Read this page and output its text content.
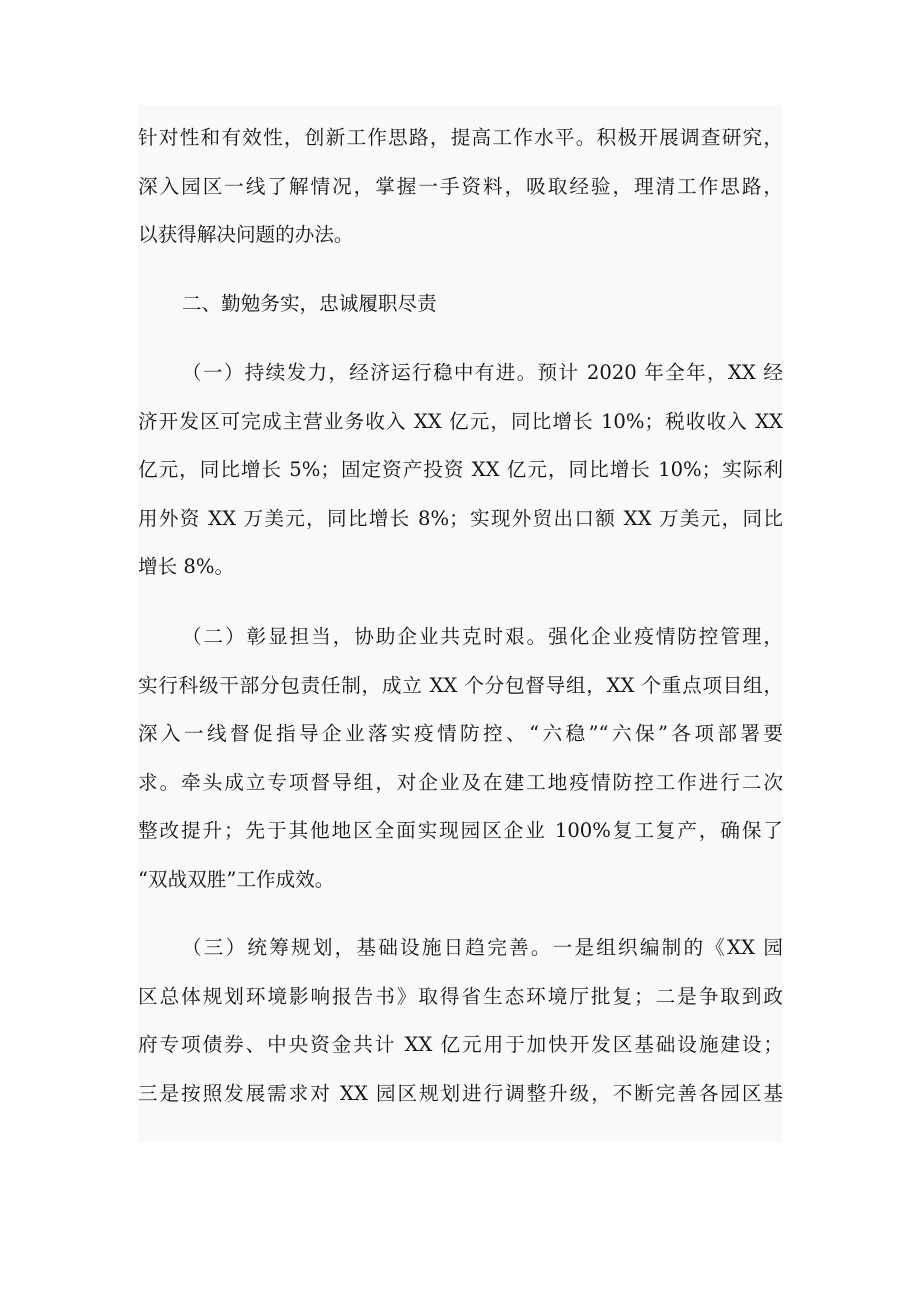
针对性和有效性，创新工作思路，提高工作水平。积极开展调查研究，
深入园区一线了解情况，掌握一手资料，吸取经验，理清工作思路，
以获得解决问题的办法。
二、勤勉务实，忠诚履职尽责
（一）持续发力，经济运行稳中有进。预计 2020 年全年，XX 经
济开发区可完成主营业务收入 XX 亿元，同比增长 10%；税收收入 XX
亿元，同比增长 5%；固定资产投资 XX 亿元，同比增长 10%；实际利
用外资 XX 万美元，同比增长 8%；实现外贸出口额 XX 万美元，同比
增长 8%。
（二）彰显担当，协助企业共克时艰。强化企业疫情防控管理，
实行科级干部分包责任制，成立 XX 个分包督导组，XX 个重点项目组，
深入一线督促指导企业落实疫情防控、“六稳”“六保”各项部署要
求。牵头成立专项督导组，对企业及在建工地疫情防控工作进行二次
整改提升；先于其他地区全面实现园区企业 100%复工复产，确保了
“双战双胜”工作成效。
（三）统筹规划，基础设施日趋完善。一是组织编制的《XX 园
区总体规划环境影响报告书》取得省生态环境厅批复；二是争取到政
府专项债券、中央资金共计 XX 亿元用于加快开发区基础设施建设；
三是按照发展需求对 XX 园区规划进行调整升级，不断完善各园区基
